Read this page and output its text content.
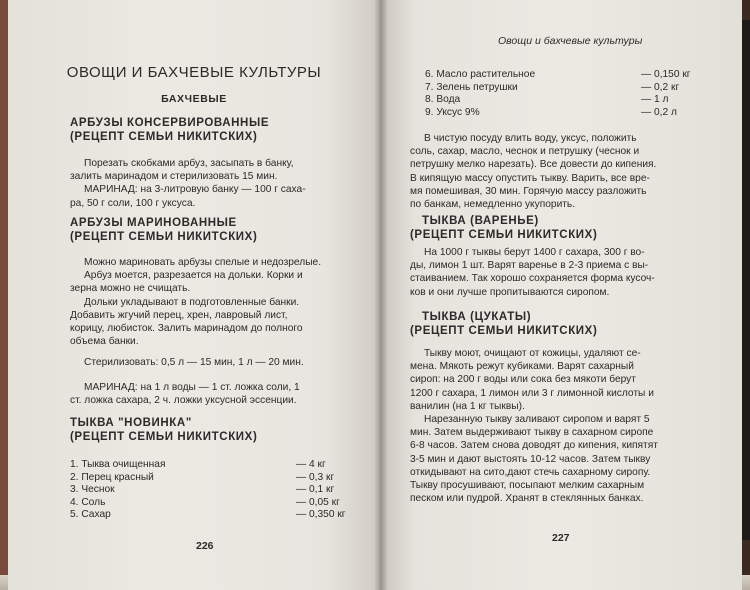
ОВОЩИ И БАХЧЕВЫЕ КУЛЬТУРЫ
БАХЧЕВЫЕ
АРБУЗЫ КОНСЕРВИРОВАННЫЕ
(РЕЦЕПТ СЕМЬИ НИКИТСКИХ)

Порезать скобками арбуз, засыпать в банку,

залить маринадом и стерилизовать 15 мин.

МАРИНАД: на 3-литровую банку — 100 г саха-

ра, 50 г соли, 100 г уксуса.

АРБУЗЫ МАРИНОВАННЫЕ
(РЕЦЕПТ СЕМЬИ НИКИТСКИХ)

Можно мариновать арбузы спелые и недозрелые.

Арбуз моется, разрезается на дольки. Корки и

зерна можно не счищать.

Дольки укладывают в подготовленные банки.

Добавить жгучий перец, хрен, лавровый лист,

корицу, любисток. Залить маринадом до полного

объема банки.

Стерилизовать: 0,5 л — 15 мин, 1 л — 20 мин.

МАРИНАД: на 1 л воды — 1 ст. ложка соли, 1

ст. ложка сахара, 2 ч. ложки уксусной эссенции.

ТЫКВА "НОВИНКА"
(РЕЦЕПТ СЕМЬИ НИКИТСКИХ)
1. Тыква очищенная	— 4 кг
2. Перец красный	— 0,3 кг
3. Чеснок	— 0,1 кг
4. Соль	— 0,05 кг
5. Сахар	— 0,350 кг
226
Овощи и бахчевые культуры
6. Масло растительное	— 0,150 кг
7. Зелень петрушки	— 0,2 кг
8. Вода	— 1 л
9. Уксус 9%	— 0,2 л

В чистую посуду влить воду, уксус, положить

соль, сахар, масло, чеснок и петрушку (чеснок и

петрушку мелко нарезать). Все довести до кипения.

В кипящую массу опустить тыкву. Варить, все вре-

мя помешивая, 30 мин. Горячую массу разложить

по банкам, немедленно укупорить.

ТЫКВА (ВАРЕНЬЕ)
(РЕЦЕПТ СЕМЬИ НИКИТСКИХ)

На 1000 г тыквы берут 1400 г сахара, 300 г во-

ды, лимон 1 шт. Варят варенье в 2-3 приема с вы-

стаиванием. Так хорошо сохраняется форма кусоч-

ков и они лучше пропитываются сиропом.

ТЫКВА (ЦУКАТЫ)
(РЕЦЕПТ СЕМЬИ НИКИТСКИХ)

Тыкву моют, очищают от кожицы, удаляют се-

мена. Мякоть режут кубиками. Варят сахарный

сироп: на 200 г воды или сока без мякоти берут

1200 г сахара, 1 лимон или 3 г лимонной кислоты и

ванилин (на 1 кг тыквы).

Нарезанную тыкву заливают сиропом и варят 5

мин. Затем выдерживают тыкву в сахарном сиропе

6-8 часов. Затем снова доводят до кипения, кипятят

3-5 мин и дают выстоять 10-12 часов. Затем тыкву

откидывают на сито,дают стечь сахарному сиропу.

Тыкву просушивают, посыпают мелким сахарным

песком или пудрой. Хранят в стеклянных банках.

227
